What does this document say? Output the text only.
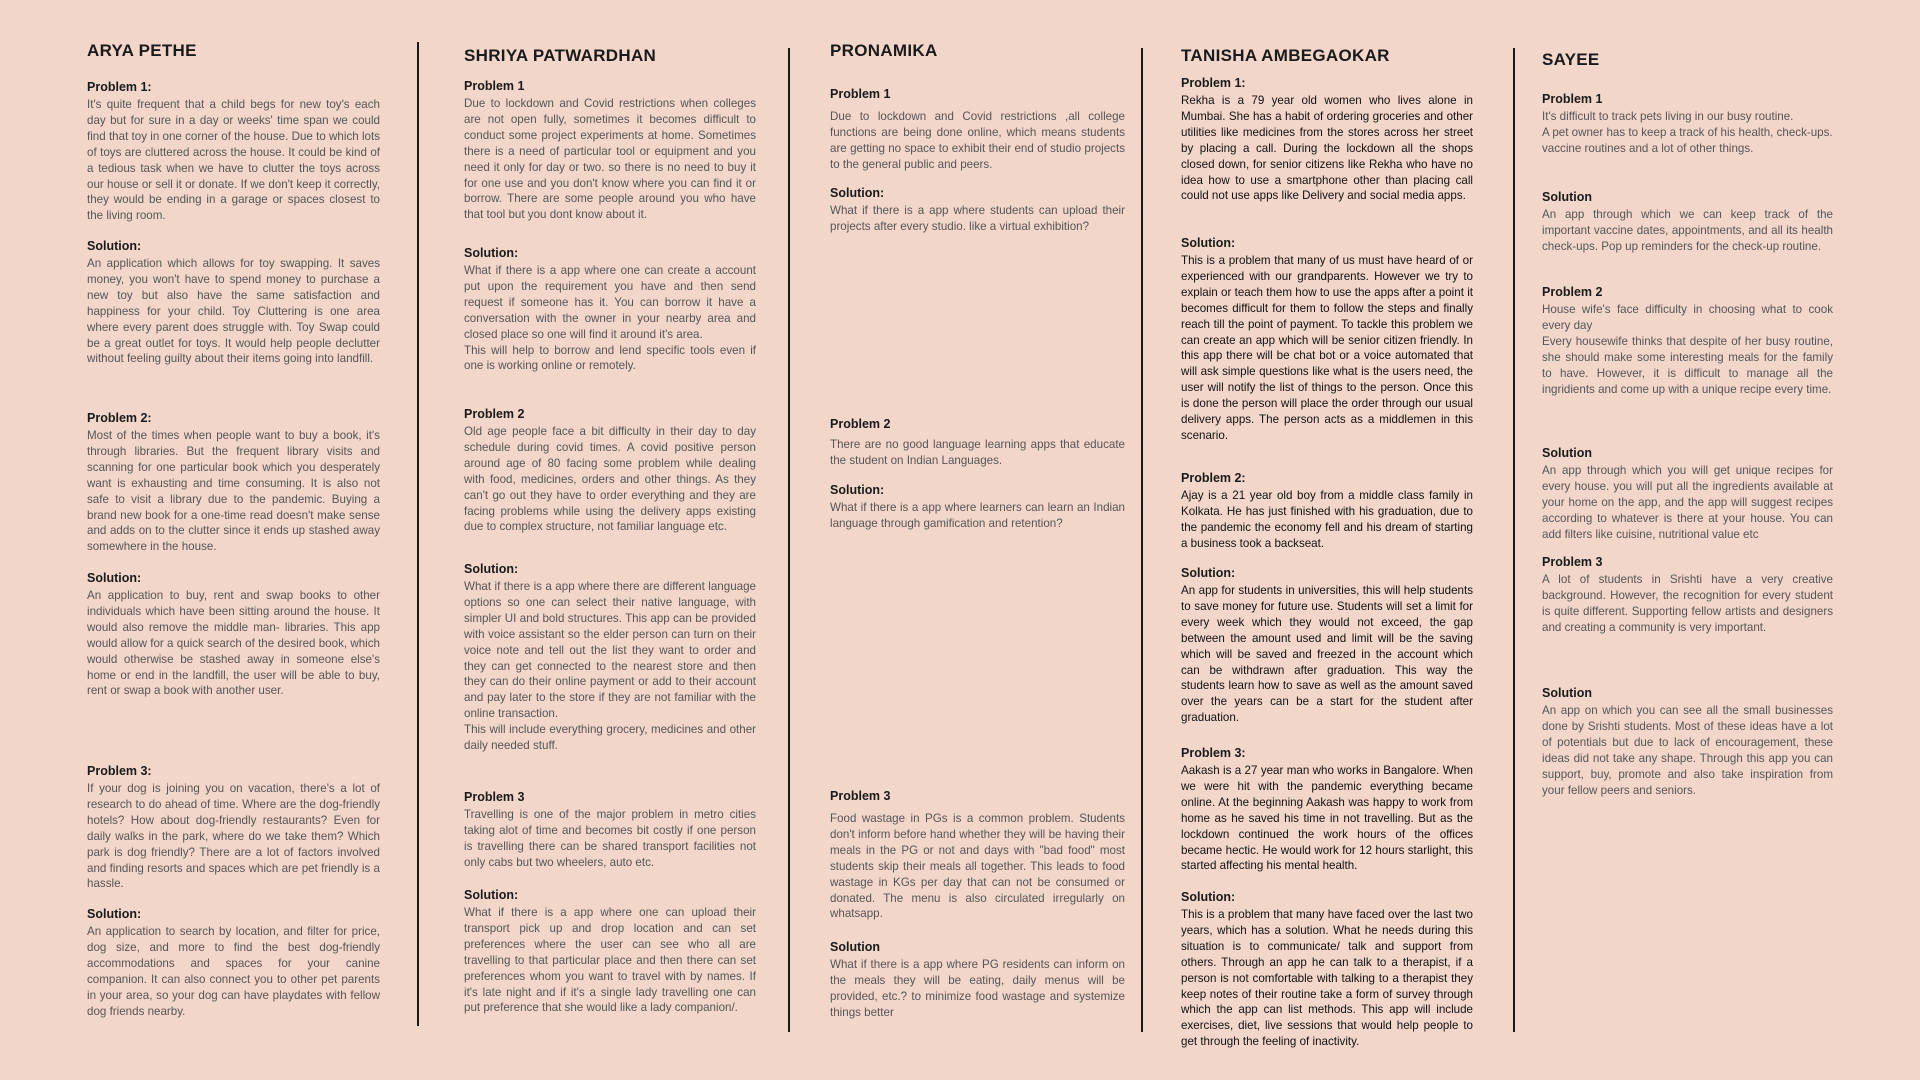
ARYA PETHE
Problem 1:

It's quite frequent that a child begs for new toy's each day but for sure in a day or weeks' time span we could find that toy in one corner of the house. Due to which lots of toys are cluttered across the house. It could be kind of a tedious task when we have to clutter the toys across our house or sell it or donate. If we don't keep it correctly, they would be ending in a garage or spaces closest to the living room.

Solution:

An application which allows for toy swapping. It saves money, you won't have to spend money to purchase a new toy but also have the same satisfaction and happiness for your child. Toy Cluttering is one area where every parent does struggle with. Toy Swap could be a great outlet for toys. It would help people declutter without feeling guilty about their items going into landfill.

Problem 2:

Most of the times when people want to buy a book, it's through libraries. But the frequent library visits and scanning for one particular book which you desperately want is exhausting and time consuming. It is also not safe to visit a library due to the pandemic. Buying a brand new book for a one-time read doesn't make sense and adds on to the clutter since it ends up stashed away somewhere in the house.

Solution:

An application to buy, rent and swap books to other individuals which have been sitting around the house. It would also remove the middle man- libraries. This app would allow for a quick search of the desired book, which would otherwise be stashed away in someone else's home or end in the landfill, the user will be able to buy, rent or swap a book with another user.

Problem 3:

If your dog is joining you on vacation, there's a lot of research to do ahead of time. Where are the dog-friendly hotels? How about dog-friendly restaurants? Even for daily walks in the park, where do we take them? Which park is dog friendly? There are a lot of factors involved and finding resorts and spaces which are pet friendly is a hassle.

Solution:

An application to search by location, and filter for price, dog size, and more to find the best dog-friendly accommodations and spaces for your canine companion. It can also connect you to other pet parents in your area, so your dog can have playdates with fellow dog friends nearby.

SHRIYA PATWARDHAN
Problem 1

Due to lockdown and Covid restrictions when colleges are not open fully, sometimes it becomes difficult to conduct some project experiments at home. Sometimes there is a need of particular tool or equipment and you need it only for day or two. so there is no need to buy it for one use and you don't know where you can find it or borrow. There are some people around you who have that tool but you dont know about it.

Solution:

What if there is a app where one can create a account put upon the requirement you have and then send request if someone has it. You can borrow it have a conversation with the owner in your nearby area and closed place so one will find it around it's area.
This will help to borrow and lend specific tools even if one is working online or remotely.

Problem 2

Old age people face a bit difficulty in their day to day schedule during covid times. A covid positive person around age of 80 facing some problem while dealing with food, medicines, orders and other things. As they can't go out they have to order everything and they are facing problems while using the delivery apps existing due to complex structure, not familiar language etc.

Solution:

What if there is a app where there are different language options so one can select their native language, with simpler UI and bold structures. This app can be provided with voice assistant so the elder person can turn on their voice note and tell out the list they want to order and they can get connected to the nearest store and then they can do their online payment or add to their account and pay later to the store if they are not familiar with the online transaction.
This will include everything grocery, medicines and other daily needed stuff.

Problem 3

Travelling is one of the major problem in metro cities taking alot of time and becomes bit costly if one person is travelling there can be shared transport facilities not only cabs but two wheelers, auto etc.

Solution:

What if there is a app where one can upload their transport pick up and drop location and can set preferences where the user can see who all are travelling to that particular place and then there can set preferences whom you want to travel with by names. If it's late night and if it's a single lady travelling one can put preference that she would like a lady companion/.

PRONAMIKA
Problem 1

Due to lockdown and Covid restrictions ,all college functions are being done online, which means students are getting no space to exhibit their end of studio projects to the general public and peers.

Solution:

What if there is a app where students can upload their projects after every studio. like a virtual exhibition?

Problem 2

There are no good language learning apps that educate the student on Indian Languages.

Solution:

What if there is a app where learners can learn an Indian language through gamification and retention?

Problem 3

Food wastage in PGs is a common problem. Students don't inform before hand whether they will be having their meals in the PG or not and days with "bad food" most students skip their meals all together. This leads to food wastage in KGs per day that can not be consumed or donated. The menu is also circulated irregularly on whatsapp.

Solution

What if there is a app where PG residents can inform on the meals they will be eating, daily menus will be provided, etc.? to minimize food wastage and systemize things better

TANISHA AMBEGAOKAR
Problem 1:

Rekha is a 79 year old women who lives alone in Mumbai. She has a habit of ordering groceries and other utilities like medicines from the stores across her street by placing a call. During the lockdown all the shops closed down, for senior citizens like Rekha who have no idea how to use a smartphone other than placing call could not use apps like Delivery and social media apps.

Solution:

This is a problem that many of us must have heard of or experienced with our grandparents. However we try to explain or teach them how to use the apps after a point it becomes difficult for them to follow the steps and finally reach till the point of payment. To tackle this problem we can create an app which will be senior citizen friendly. In this app there will be chat bot or a voice automated that will ask simple questions like what is the users need, the user will notify the list of things to the person. Once this is done the person will place the order through our usual delivery apps. The person acts as a middlemen in this scenario.

Problem 2:

Ajay is a 21 year old boy from a middle class family in Kolkata. He has just finished with his graduation, due to the pandemic the economy fell and his dream of starting a business took a backseat.

Solution:

An app for students in universities, this will help students to save money for future use. Students will set a limit for every week which they would not exceed, the gap between the amount used and limit will be the saving which will be saved and freezed in the account which can be withdrawn after graduation. This way the students learn how to save as well as the amount saved over the years can be a start for the student after graduation.

Problem 3:

Aakash is a 27 year man who works in Bangalore. When we were hit with the pandemic everything became online. At the beginning Aakash was happy to work from home as he saved his time in not travelling. But as the lockdown continued the work hours of the offices became hectic. He would work for 12 hours starlight, this started affecting his mental health.

Solution:

This is a problem that many have faced over the last two years, which has a solution. What he needs during this situation is to communicate/ talk and support from others. Through an app he can talk to a therapist, if a person is not comfortable with talking to a therapist they keep notes of their routine take a form of survey through which the app can list methods. This app will include exercises, diet, live sessions that would help people to get through the feeling of inactivity.

SAYEE
Problem 1

It's difficult to track pets living in our busy routine.
A pet owner has to keep a track of his health, check-ups.
vaccine routines and a lot of other things.

Solution

An app through which we can keep track of the important vaccine dates, appointments, and all its health check-ups. Pop up reminders for the check-up routine.

Problem 2

House wife's face difficulty in choosing what to cook every day
Every housewife thinks that despite of her busy routine, she should make some interesting meals for the family to have. However, it is difficult to manage all the ingridients and come up with a unique recipe every time.

Solution

An app through which you will get unique recipes for every house. you will put all the ingredients available at your home on the app, and the app will suggest recipes according to whatever is there at your house. You can add filters like cuisine, nutritional value etc

Problem 3

A lot of students in Srishti have a very creative background. However, the recognition for every student is quite different. Supporting fellow artists and designers and creating a community is very important.

Solution

An app on which you can see all the small businesses done by Srishti students. Most of these ideas have a lot of potentials but due to lack of encouragement, these ideas did not take any shape. Through this app you can support, buy, promote and also take inspiration from your fellow peers and seniors.
